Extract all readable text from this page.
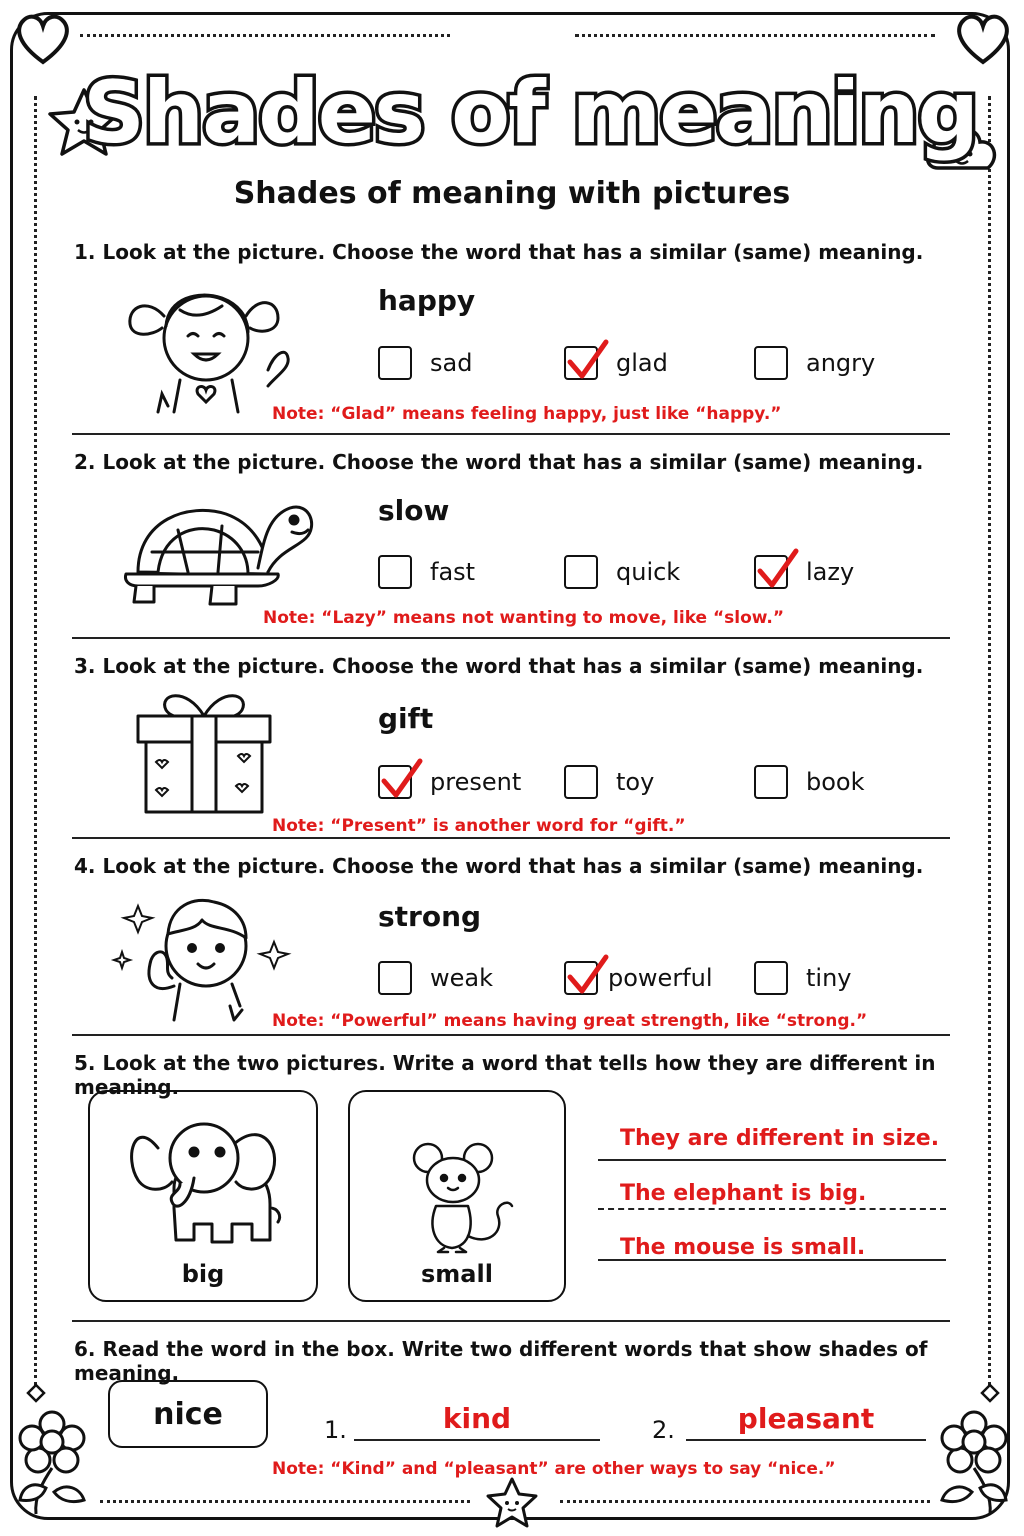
Shades of meaning
Shades of meaning with pictures
1. Look at the picture. Choose the word that has a similar (same) meaning.
happy
sad	glad	angry
Note: “Glad” means feeling happy, just like “happy.”
2. Look at the picture. Choose the word that has a similar (same) meaning.
slow
fast	quick	lazy
Note: “Lazy” means not wanting to move, like “slow.”
3. Look at the picture. Choose the word that has a similar (same) meaning.
gift
present	toy	book
Note: “Present” is another word for “gift.”
4. Look at the picture. Choose the word that has a similar (same) meaning.
strong
weak	powerful	tiny
Note: “Powerful” means having great strength, like “strong.”
5. Look at the two pictures. Write a word that tells how they are different in meaning.
big	small
They are different in size.
The elephant is big.
The mouse is small.
6. Read the word in the box. Write two different words that show shades of meaning.
nice	1.	kind	2.	pleasant
Note: “Kind” and “pleasant” are other ways to say “nice.”
